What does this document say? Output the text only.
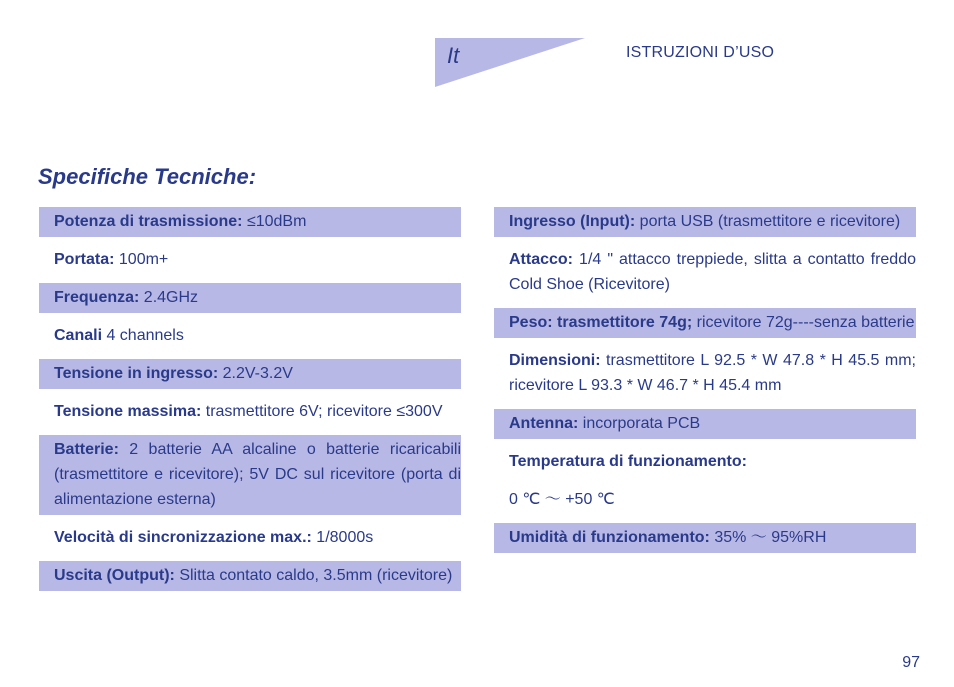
It	ISTRUZIONI D’USO
Specifiche Tecniche:
Potenza di trasmissione: ≤10dBm
Portata: 100m+
Frequenza: 2.4GHz
Canali 4 channels
Tensione in ingresso: 2.2V-3.2V
Tensione massima: trasmettitore 6V; ricevitore ≤300V
Batterie: 2 batterie AA alcaline o batterie ricaricabili (trasmettitore e ricevitore); 5V DC sul ricevitore (porta di alimentazione esterna)
Velocità di sincronizzazione max.: 1/8000s
Uscita (Output): Slitta contato caldo, 3.5mm (ricevitore)
Ingresso (Input): porta USB (trasmettitore e ricevitore)
Attacco: 1/4 " attacco treppiede, slitta a contatto freddo Cold Shoe (Ricevitore)
Peso: trasmettitore 74g; ricevitore 72g----senza batterie
Dimensioni: trasmettitore L 92.5 * W 47.8 * H 45.5 mm; ricevitore L 93.3 * W 46.7 * H 45.4 mm
Antenna: incorporata PCB
Temperatura di funzionamento:
0 ℃ ～ +50 ℃
Umidità di funzionamento: 35% ～ 95%RH
97
